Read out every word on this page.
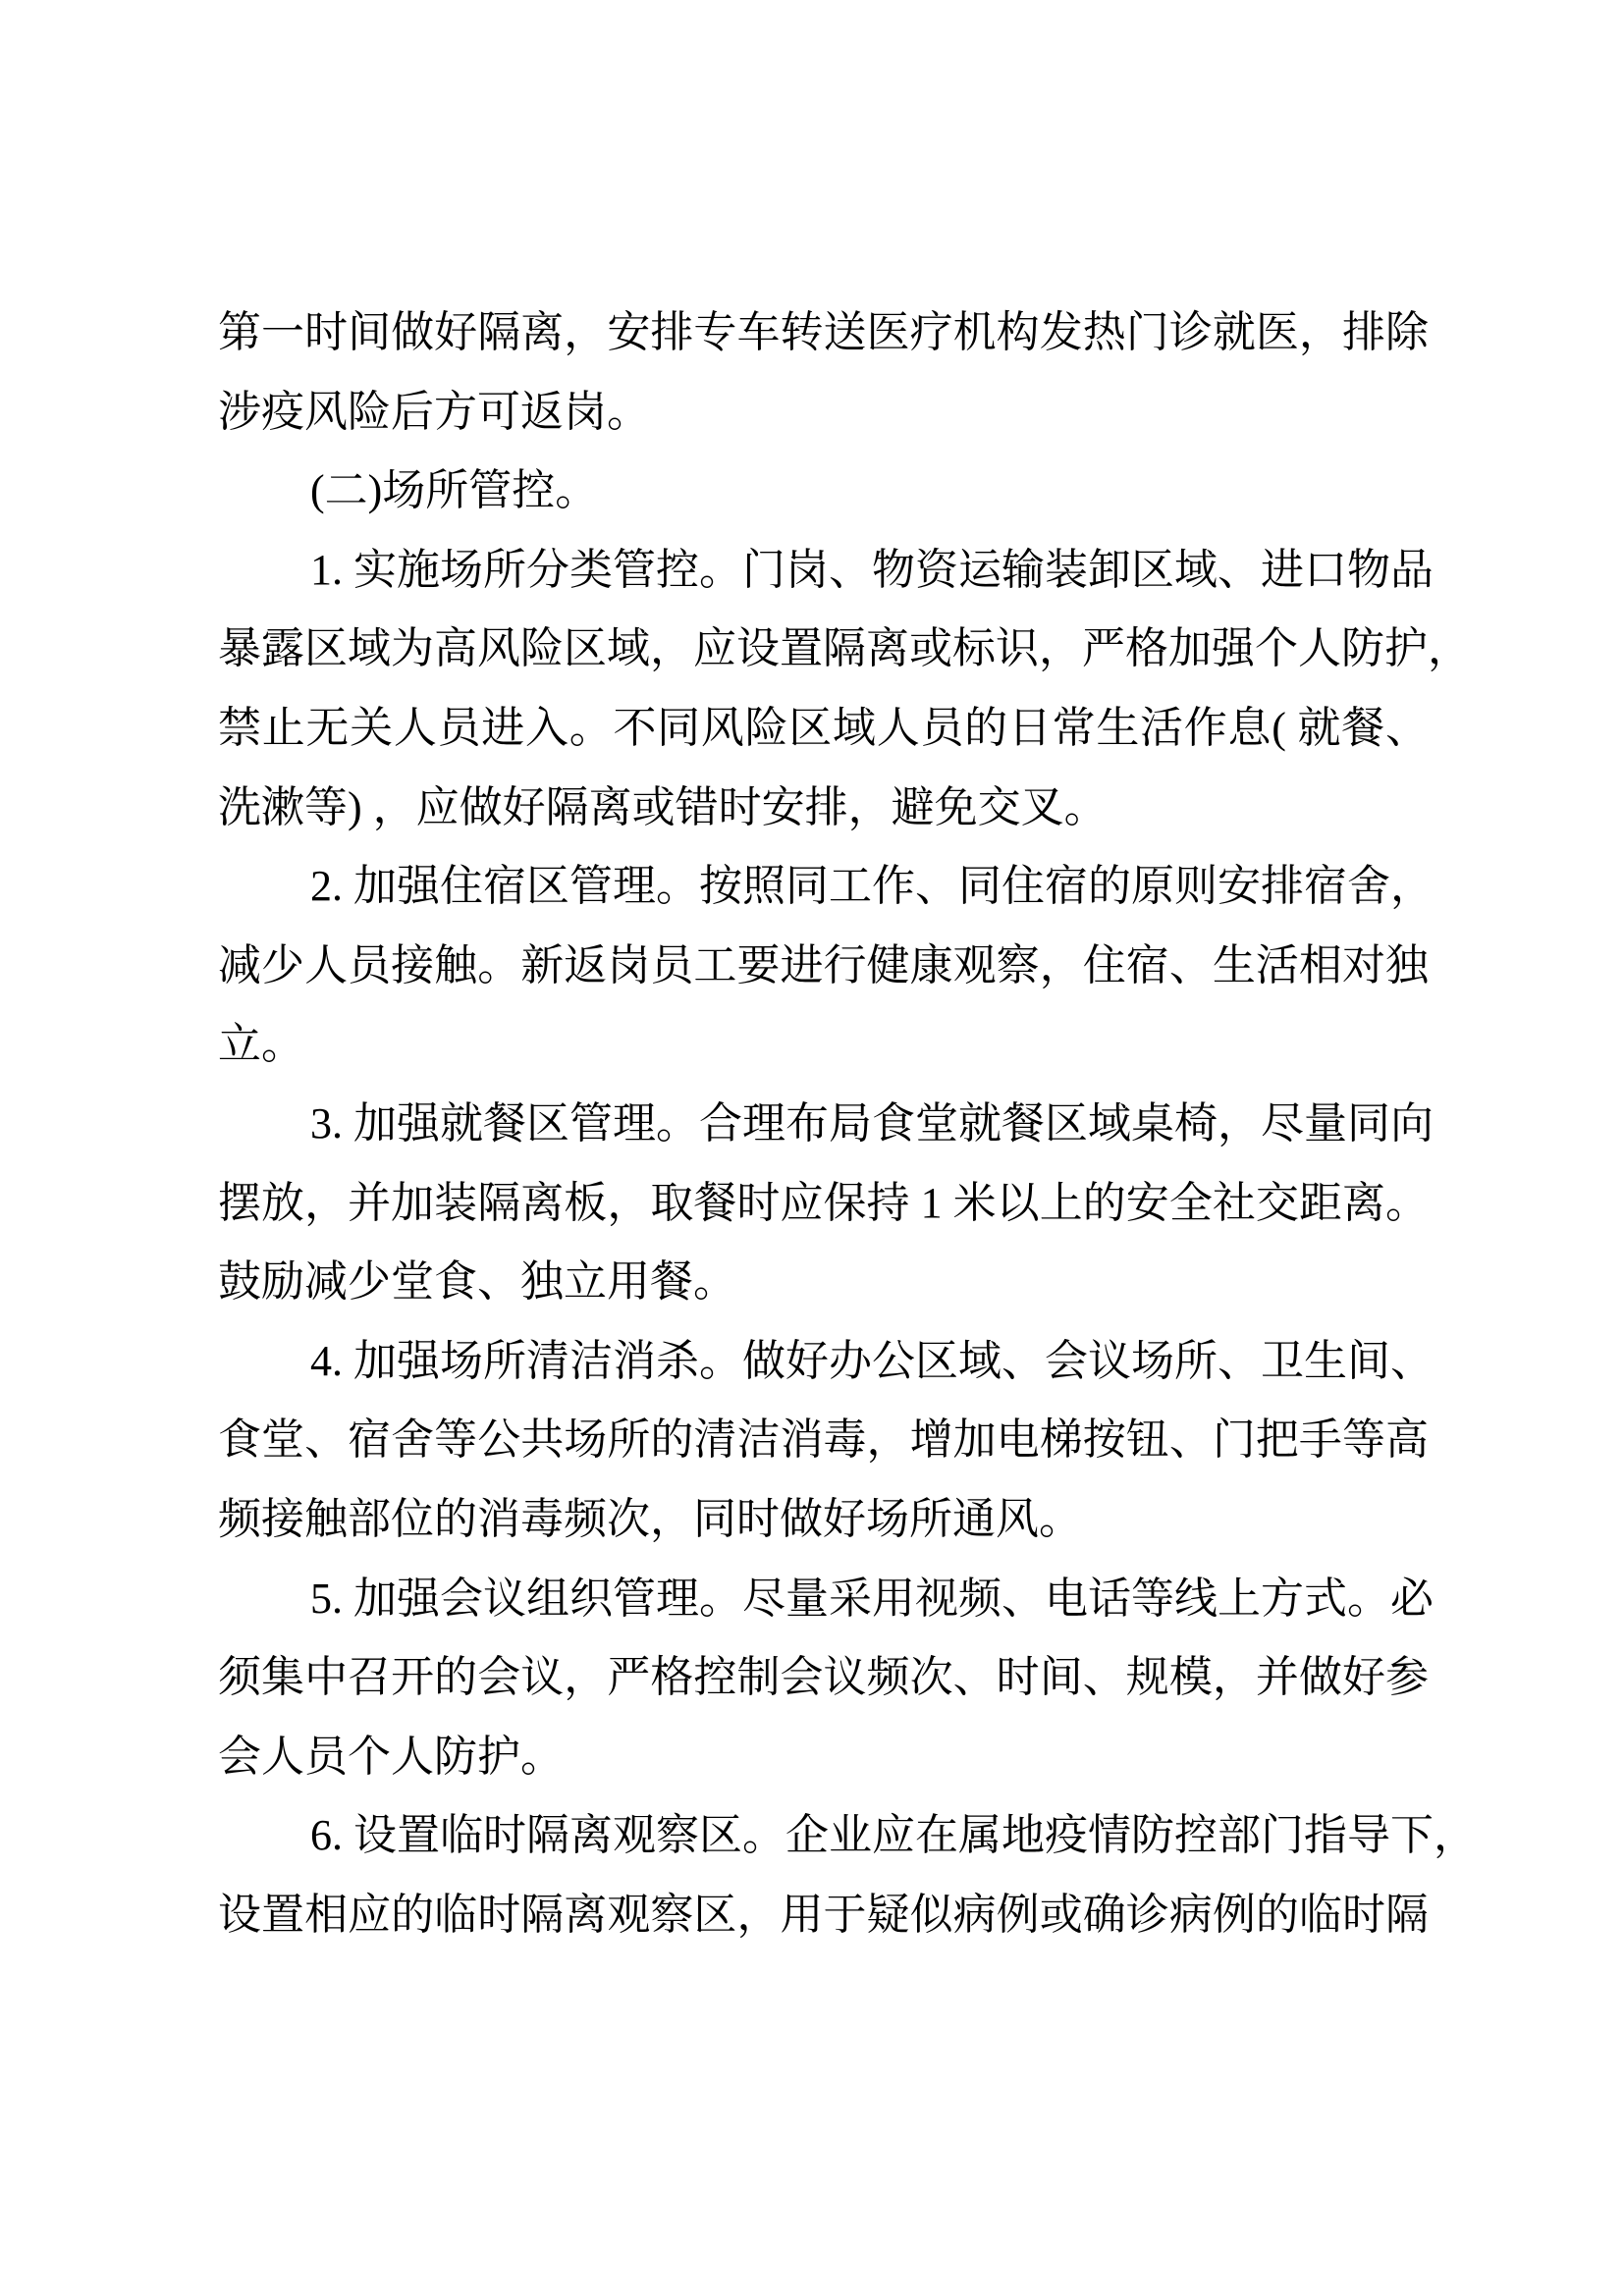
第一时间做好隔离，安排专车转送医疗机构发热门诊就医，排除
涉疫风险后方可返岗。
(二)场所管控。
1. 实施场所分类管控。门岗、物资运输装卸区域、进口物品
暴露区域为高风险区域，应设置隔离或标识，严格加强个人防护，
禁止无关人员进入。不同风险区域人员的日常生活作息( 就餐、
洗漱等) ，应做好隔离或错时安排，避免交叉。
2. 加强住宿区管理。按照同工作、同住宿的原则安排宿舍，
减少人员接触。新返岗员工要进行健康观察，住宿、生活相对独
立。
3. 加强就餐区管理。合理布局食堂就餐区域桌椅，尽量同向
摆放，并加装隔离板，取餐时应保持 1 米以上的安全社交距离。
鼓励减少堂食、独立用餐。
4. 加强场所清洁消杀。做好办公区域、会议场所、卫生间、
食堂、宿舍等公共场所的清洁消毒，增加电梯按钮、门把手等高
频接触部位的消毒频次，同时做好场所通风。
5. 加强会议组织管理。尽量采用视频、电话等线上方式。必
须集中召开的会议，严格控制会议频次、时间、规模，并做好参
会人员个人防护。
6. 设置临时隔离观察区。企业应在属地疫情防控部门指导下，
设置相应的临时隔离观察区，用于疑似病例或确诊病例的临时隔
